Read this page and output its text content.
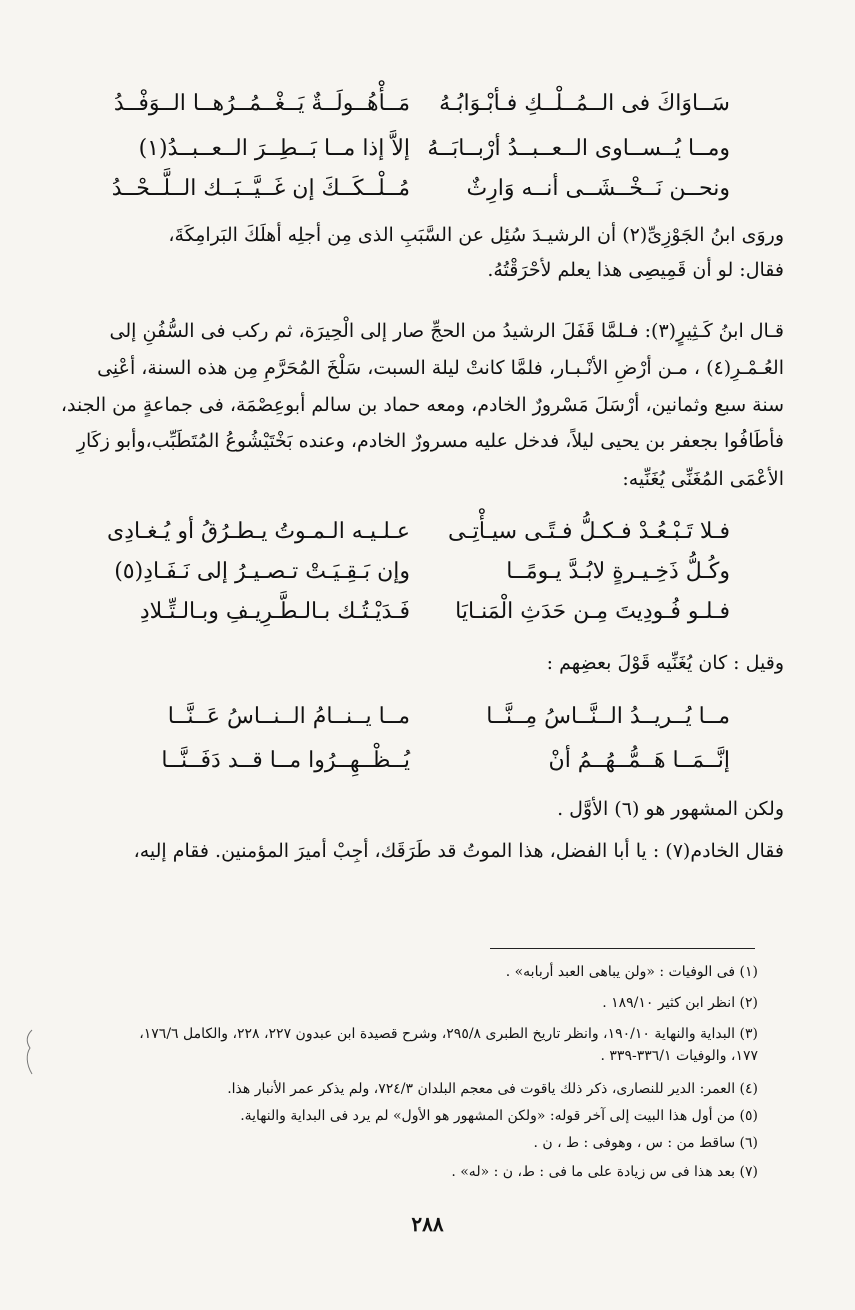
سَــاوَاكَ فى الــمُــلْــكِ فـأبْـوَابُـهُ
مَــأْهُــولَــةٌ يَــغْــمُــرُهــا الــوَفْــدُ
ومــا يُــســاوى الــعــبــدُ أرْبــابَــهُ
إلاَّ إذا مــا بَــطِــرَ الــعــبــدُ(١)
ونحــن نَــخْــشَــى أنــه وَارِثٌ
مُــلْــكَــكَ إن غَــيَّــبَــك الــلَّــحْــدُ
وروَى ابنُ الجَوْزِىِّ(٢) أن الرشيـدَ سُئِل عن السَّبَبِ الذى مِن أجلِه أهلَكَ البَرامِكَةَ،
فقال: لو أن قَمِيصِى هذا يعلم لأحْرَقْتُهُ.
قـال ابنُ كَـثِيرٍ(٣): فـلمَّا قَفَلَ الرشيدُ من الحجِّ صار إلى الْحِيرَة، ثم ركب فى السُّفُنِ إلى
العُـمْـرِ(٤) ، مـن أرْضِ الأنْـبـار، فلمَّا كانتْ ليلة السبت، سَلْخَ المُحَرَّمِ مِن هذه السنة، أعْنِى
سنة سبع وثمانين، أرْسَلَ مَسْرورٌ الخادم، ومعه حماد بن سالم أبوعِصْمَة، فى جماعةٍ من الجند،
فأطَافُوا بجعفر بن يحيى ليلاً، فدخل عليه مسرورٌ الخادم، وعنده بَخْتَيْشُوعُ المُتَطَبِّب،وأبو زكَارِ
الأعْمَى المُغَنِّى يُغَنِّيه:
فـلا تَـبْـعُـدْ فـكـلُّ فـتًـى سيـأْتِـى
عـلـيـه الـمـوتُ يـطـرُقُ أو يُـغـادِى
وكُـلُّ ذَخِـيـرةٍ لابُـدَّ يـومًــا
وإن بَـقِـيَـتْ تـصـيـرُ إلى نَـفَـادِ(٥)
فـلـو فُـودِيتَ مِـن حَدَثِ الْمَنـايَا
فَـدَيْـتُـك بـالـطَّـرِيـفِ وبـالـتِّـلادِ
وقيل : كان يُغَنِّيه قَوْلَ بعضِهم :
مــا يُــريــدُ الــنَّــاسُ مِــنَّــا
مــا يــنــامُ الــنــاسُ عَــنَّــا
إنَّــمَــا هَــمُّــهُــمُ أنْ
يُــظْــهِــرُوا مــا قــد دَفَــنَّــا
ولكن المشهور هو (٦) الأوَّل .
فقال الخادم(٧) : يا أبا الفضل، هذا الموتُ قد طَرَقَك، أجِبْ أميرَ المؤمنين. فقام إليه،
(١) فى الوفيات : «ولن يباهى العبد أربابه» .
(٢) انظر ابن كثير ١٨٩/١٠ .
(٣) البداية والنهاية ١٩٠/١٠، وانظر تاريخ الطبرى ٢٩٥/٨، وشرح قصيدة ابن عبدون ٢٢٧، ٢٢٨، والكامل ١٧٦/٦،
١٧٧، والوفيات ٣٣٦/١-٣٣٩ .
(٤) العمر: الدير للنصارى، ذكر ذلك ياقوت فى معجم البلدان ٧٢٤/٣، ولم يذكر عمر الأنبار هذا.
(٥) من أول هذا البيت إلى آخر قوله: «ولكن المشهور هو الأول» لم يرد فى البداية والنهاية.
(٦) ساقط من : س ، وهوفى : ط ، ن .
(٧) بعد هذا فى س زيادة على ما فى : ط، ن : «له» .
٢٨٨
